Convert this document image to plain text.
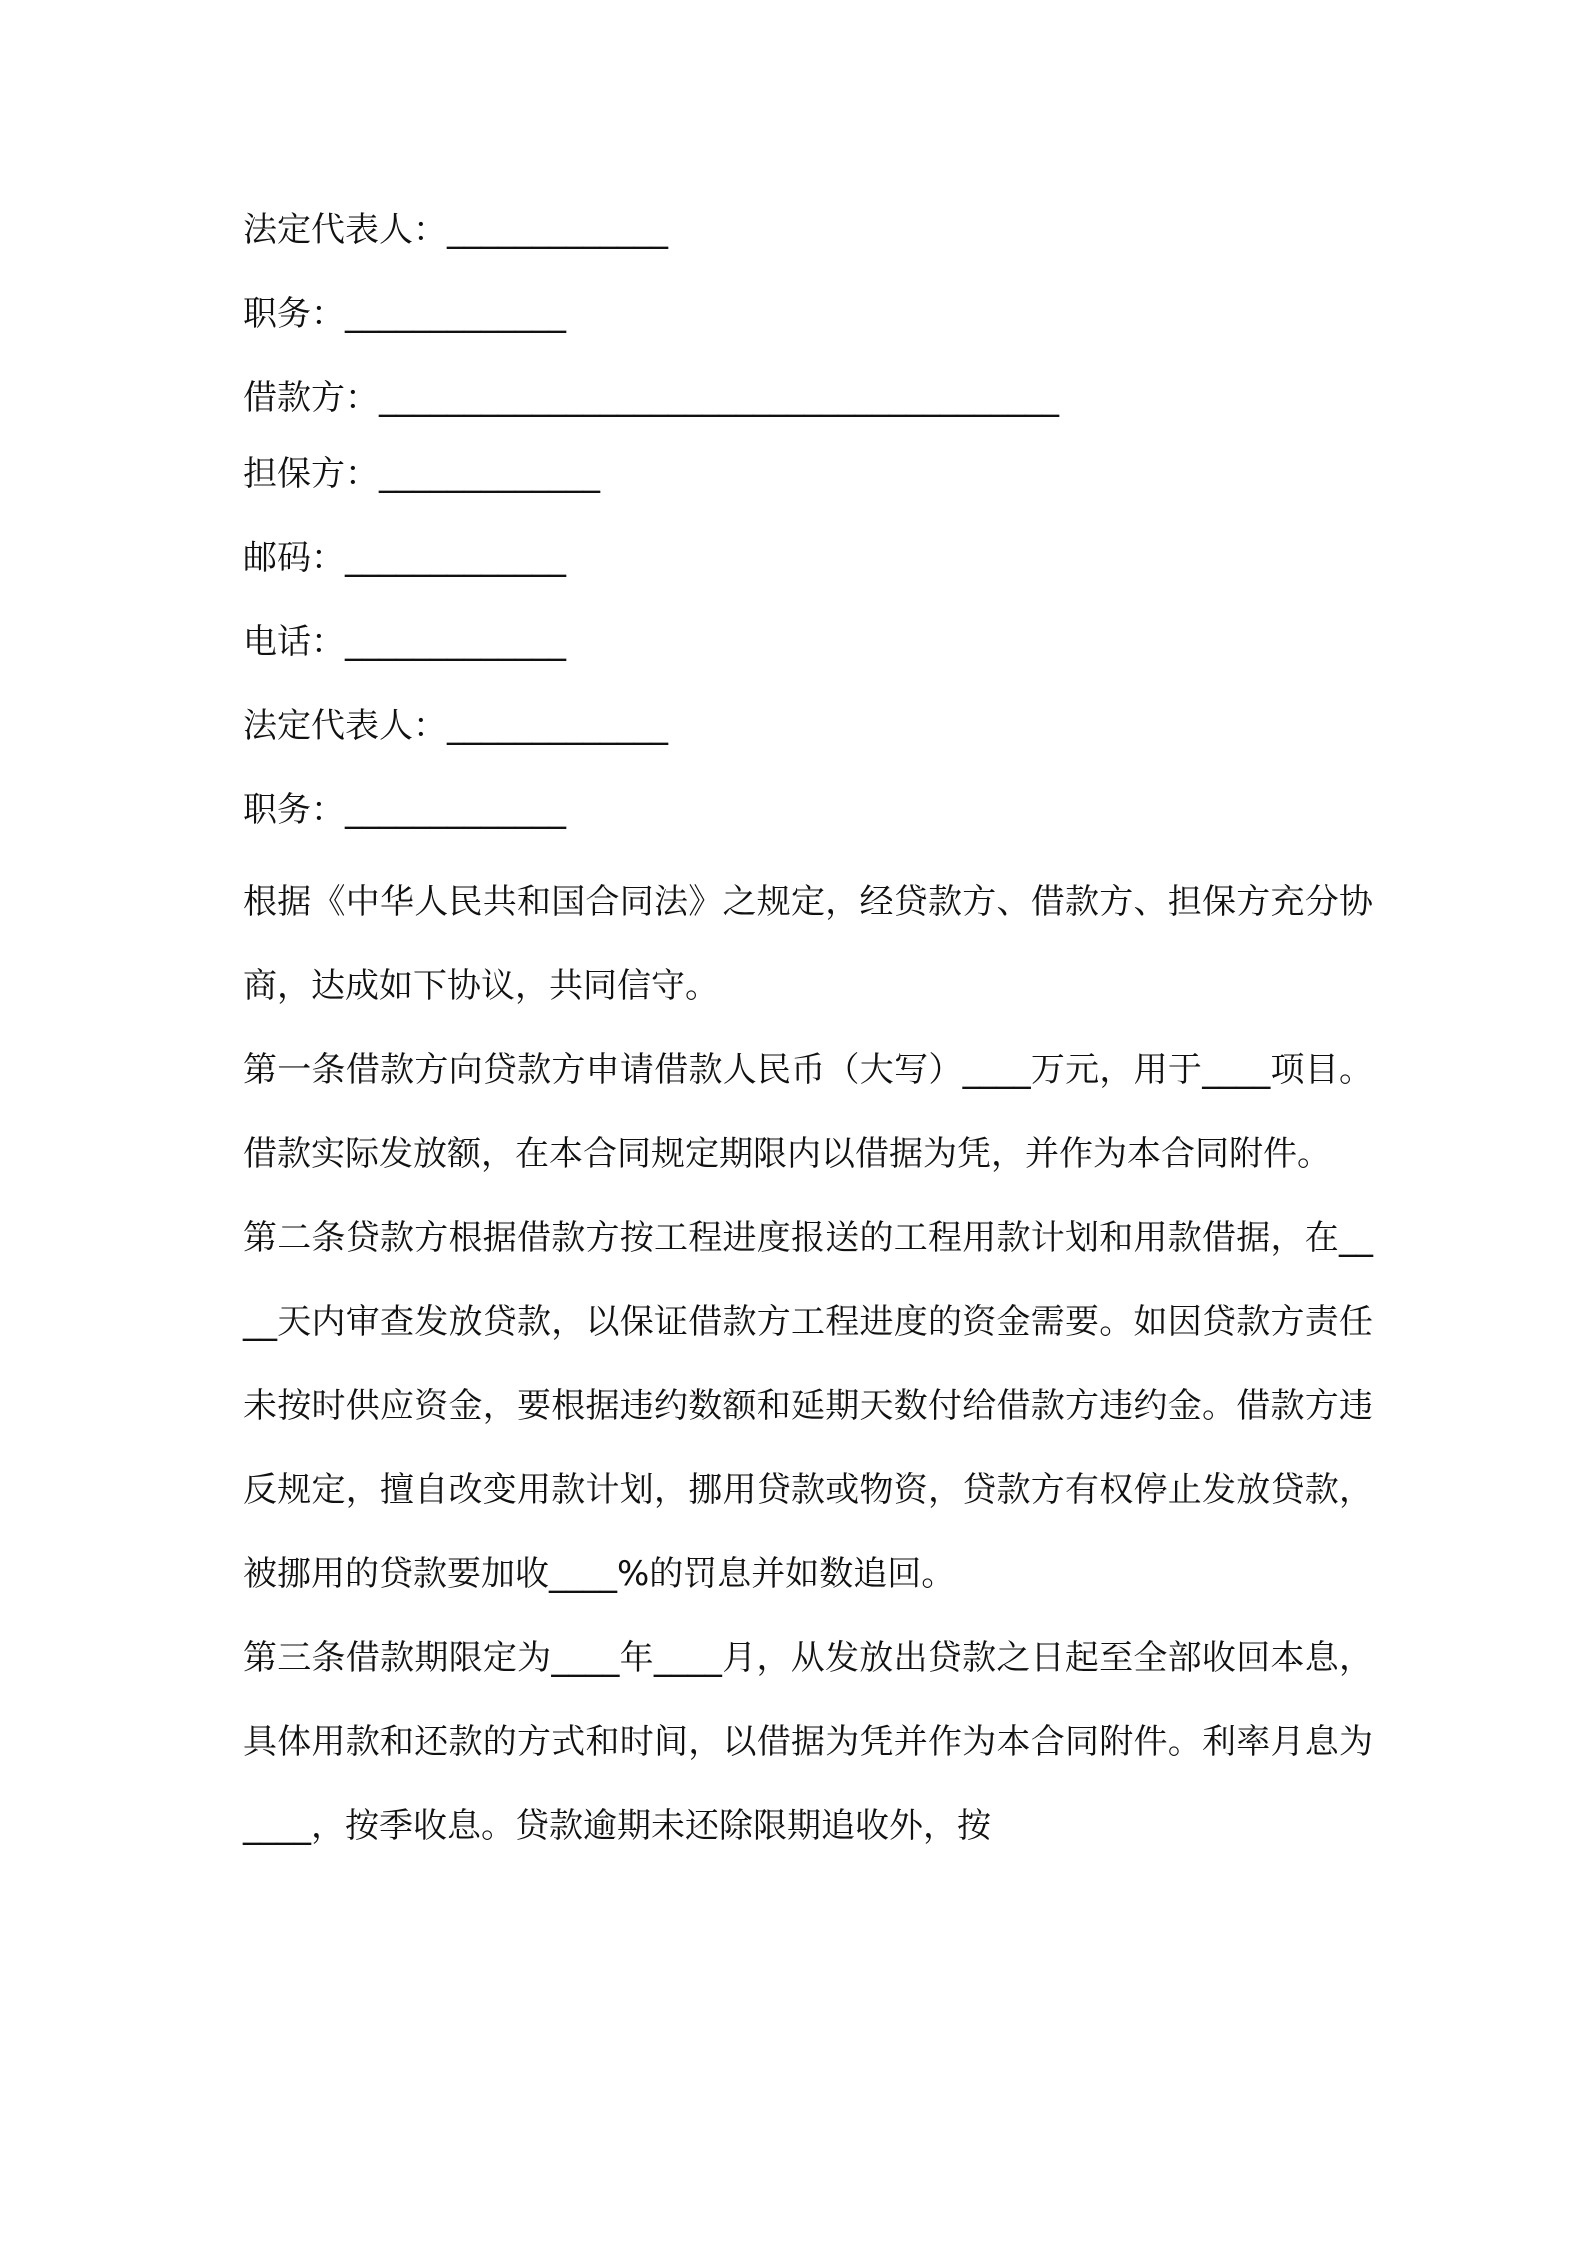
法定代表人：_____________
职务：_____________
借款方：________________________________________
担保方：_____________
邮码：_____________
电话：_____________
法定代表人：_____________
职务：_____________

根据《中华人民共和国合同法》之规定，经贷款方、借款方、担保方充分协商，达成如下协议，共同信守。

第一条借款方向贷款方申请借款人民币（大写）____万元，用于____项目。借款实际发放额，在本合同规定期限内以借据为凭，并作为本合同附件。

第二条贷款方根据借款方按工程进度报送的工程用款计划和用款借据，在____天内审查发放贷款，以保证借款方工程进度的资金需要。如因贷款方责任未按时供应资金，要根据违约数额和延期天数付给借款方违约金。借款方违反规定，擅自改变用款计划，挪用贷款或物资，贷款方有权停止发放贷款，被挪用的贷款要加收____%的罚息并如数追回。

第三条借款期限定为____年____月，从发放出贷款之日起至全部收回本息，具体用款和还款的方式和时间，以借据为凭并作为本合同附件。利率月息为____，按季收息。贷款逾期未还除限期追收外，按
